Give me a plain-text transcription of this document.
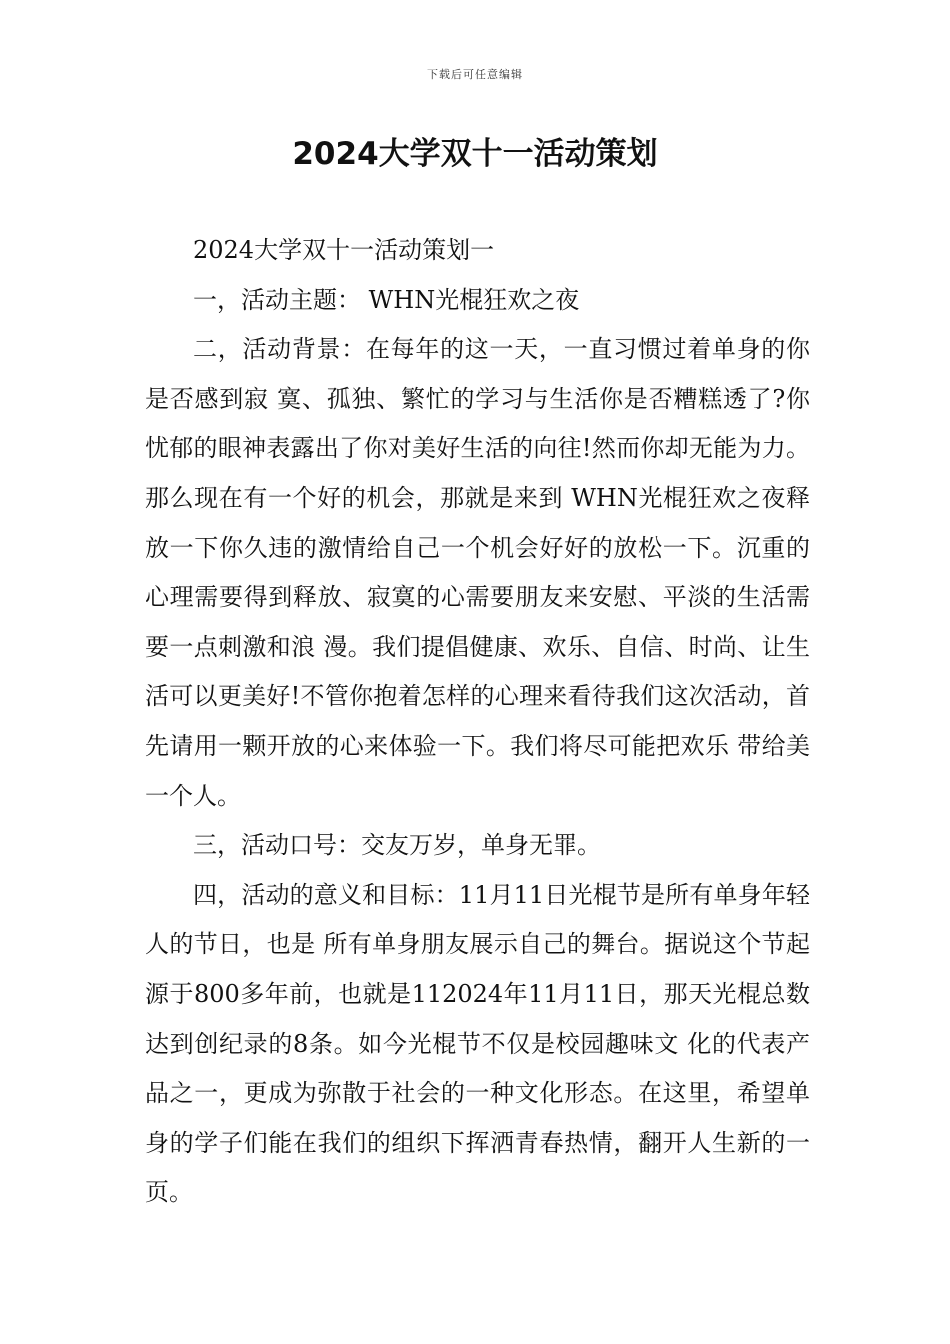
下载后可任意编辑
2024大学双十一活动策划

2024大学双十一活动策划一

一，活动主题： WHN光棍狂欢之夜

二，活动背景：在每年的这一天，一直习惯过着单身的你是否感到寂 寞、孤独、繁忙的学习与生活你是否糟糕透了?你忧郁的眼神表露出了你对美好生活的向往!然而你却无能为力。那么现在有一个好的机会，那就是来到 WHN光棍狂欢之夜释放一下你久违的激情给自己一个机会好好的放松一下。沉重的心理需要得到释放、寂寞的心需要朋友来安慰、平淡的生活需要一点刺激和浪 漫。我们提倡健康、欢乐、自信、时尚、让生活可以更美好!不管你抱着怎样的心理来看待我们这次活动，首先请用一颗开放的心来体验一下。我们将尽可能把欢乐 带给美一个人。

三，活动口号：交友万岁，单身无罪。

四，活动的意义和目标：11月11日光棍节是所有单身年轻人的节日，也是 所有单身朋友展示自己的舞台。据说这个节起源于800多年前，也就是112024年11月11日，那天光棍总数达到创纪录的8条。如今光棍节不仅是校园趣味文 化的代表产品之一，更成为弥散于社会的一种文化形态。在这里，希望单身的学子们能在我们的组织下挥洒青春热情，翻开人生新的一页。
